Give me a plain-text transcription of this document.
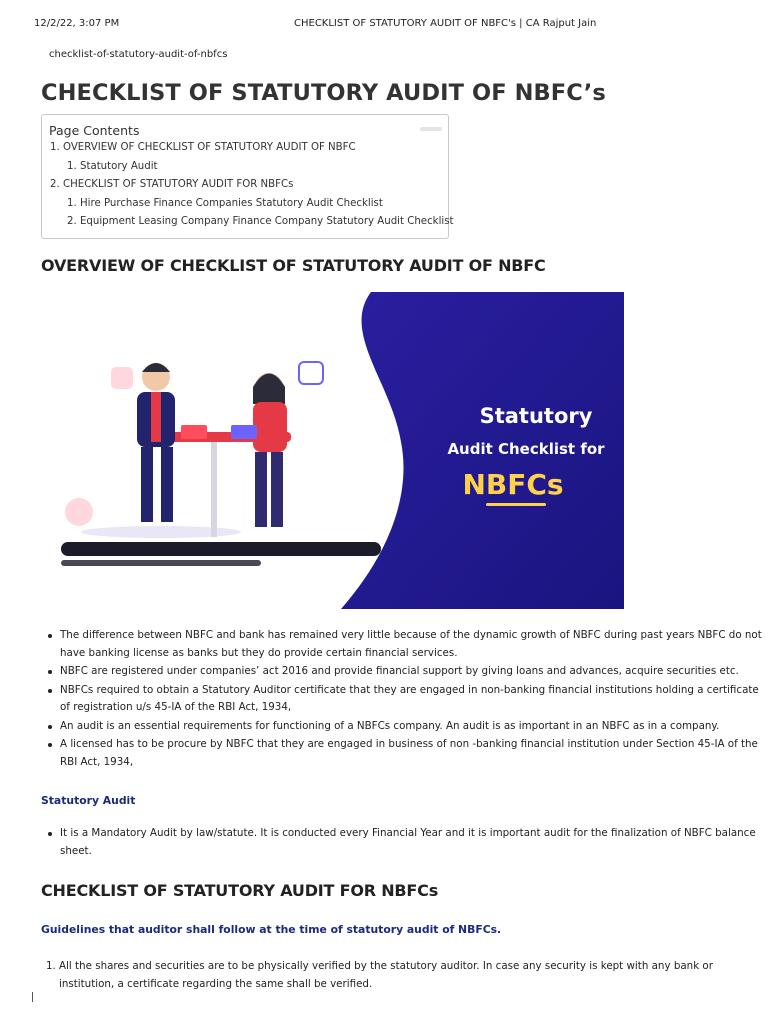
12/2/22, 3:07 PM	CHECKLIST OF STATUTORY AUDIT OF NBFC's | CA Rajput Jain
checklist-of-statutory-audit-of-nbfcs
CHECKLIST OF STATUTORY AUDIT OF NBFC’s
Page Contents
1. OVERVIEW OF CHECKLIST OF STATUTORY AUDIT OF NBFC
1. Statutory Audit
2. CHECKLIST OF STATUTORY AUDIT FOR NBFCs
1. Hire Purchase Finance Companies Statutory Audit Checklist
2. Equipment Leasing Company Finance Company Statutory Audit Checklist
OVERVIEW OF CHECKLIST OF STATUTORY AUDIT OF NBFC
Statutory
Audit Checklist for
NBFCs
The difference between NBFC and bank has remained very little because of the dynamic growth of NBFC during past years NBFC do not have banking license as banks but they do provide certain financial services.
NBFC are registered under companies’ act 2016 and provide financial support by giving loans and advances, acquire securities etc.
NBFCs required to obtain a Statutory Auditor certificate that they are engaged in non-banking financial institutions holding a certificate of registration u/s 45-IA of the RBI Act, 1934,
An audit is an essential requirements for functioning of a NBFCs company. An audit is as important in an NBFC as in a company.
A licensed has to be procure by NBFC that they are engaged in business of non -banking financial institution under Section 45-IA of the RBI Act, 1934,
Statutory Audit
It is a Mandatory Audit by law/statute. It is conducted every Financial Year and it is important audit for the finalization of NBFC balance sheet.
CHECKLIST OF STATUTORY AUDIT FOR NBFCs
Guidelines that auditor shall follow at the time of statutory audit of NBFCs.
1. All the shares and securities are to be physically verified by the statutory auditor. In case any security is kept with any bank or institution, a certificate regarding the same shall be verified.
